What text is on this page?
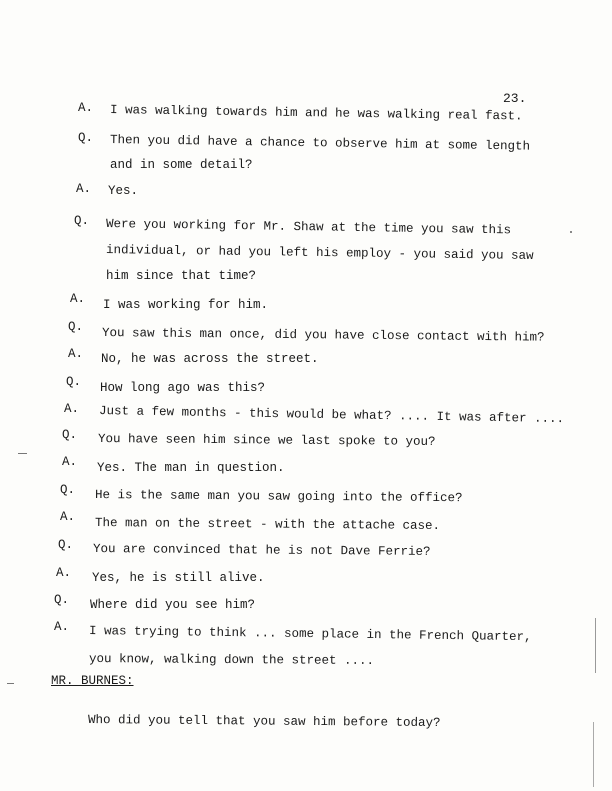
23.
A. I was walking towards him and he was walking real fast.
Q. Then you did have a chance to observe him at some length
and in some detail?
A. Yes.
Q. Were you working for Mr. Shaw at the time you saw this
individual, or had you left his employ - you said you saw
him since that time?
A. I was working for him.
Q. You saw this man once, did you have close contact with him?
A. No, he was across the street.
Q. How long ago was this?
A. Just a few months - this would be what? .... It was after ....
Q. You have seen him since we last spoke to you?
A. Yes. The man in question.
Q. He is the same man you saw going into the office?
A. The man on the street - with the attache case.
Q. You are convinced that he is not Dave Ferrie?
A. Yes, he is still alive.
Q. Where did you see him?
A. I was trying to think ... some place in the French Quarter,
you know, walking down the street ....
MR. BURNES:
Who did you tell that you saw him before today?
